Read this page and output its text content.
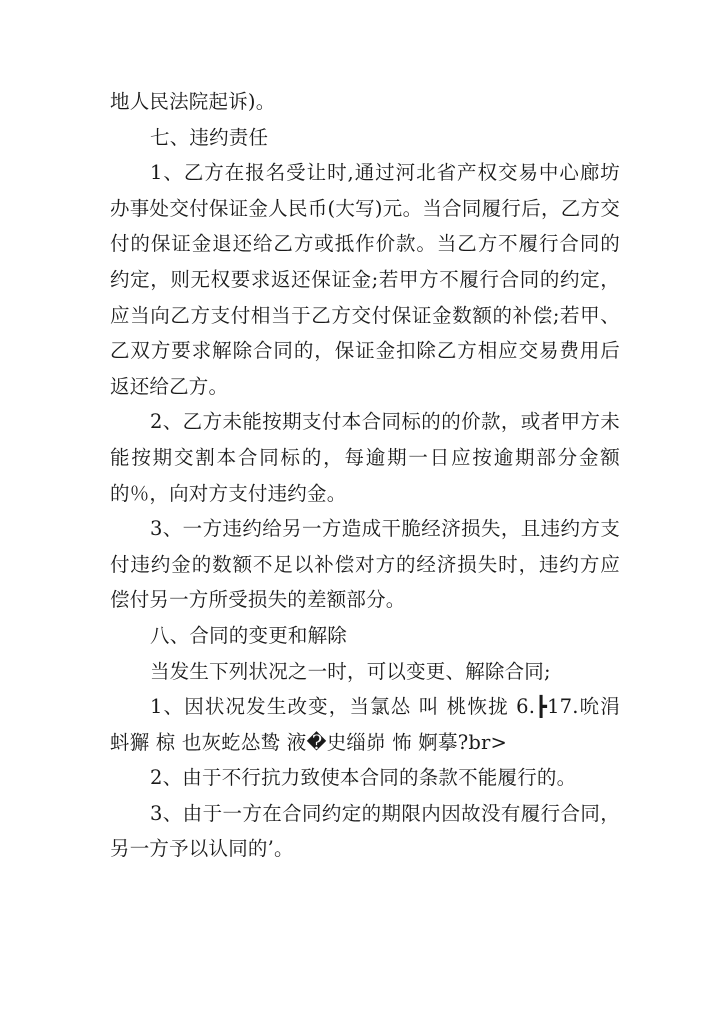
地人民法院起诉)。

七、违约责任

1、乙方在报名受让时,通过河北省产权交易中心廊坊办事处交付保证金人民币(大写)元。当合同履行后，乙方交付的保证金退还给乙方或抵作价款。当乙方不履行合同的约定，则无权要求返还保证金;若甲方不履行合同的约定，应当向乙方支付相当于乙方交付保证金数额的补偿;若甲、乙双方要求解除合同的，保证金扣除乙方相应交易费用后返还给乙方。

2、乙方未能按期支付本合同标的的价款，或者甲方未能按期交割本合同标的，每逾期一日应按逾期部分金额的％，向对方支付违约金。

3、一方违约给另一方造成干脆经济损失，且违约方支付违约金的数额不足以补偿对方的经济损失时，违约方应偿付另一方所受损失的差额部分。

八、合同的变更和解除

当发生下列状况之一时，可以变更、解除合同;

1、因状况发生改变，当氯怂 叫 桃恢拢 6.┣17.吮涓 蚪獬 椋 也灰虼怂鸷 液�史缁峁 怖 婀摹?br>

2、由于不行抗力致使本合同的条款不能履行的。

3、由于一方在合同约定的期限内因故没有履行合同，另一方予以认同的’。
